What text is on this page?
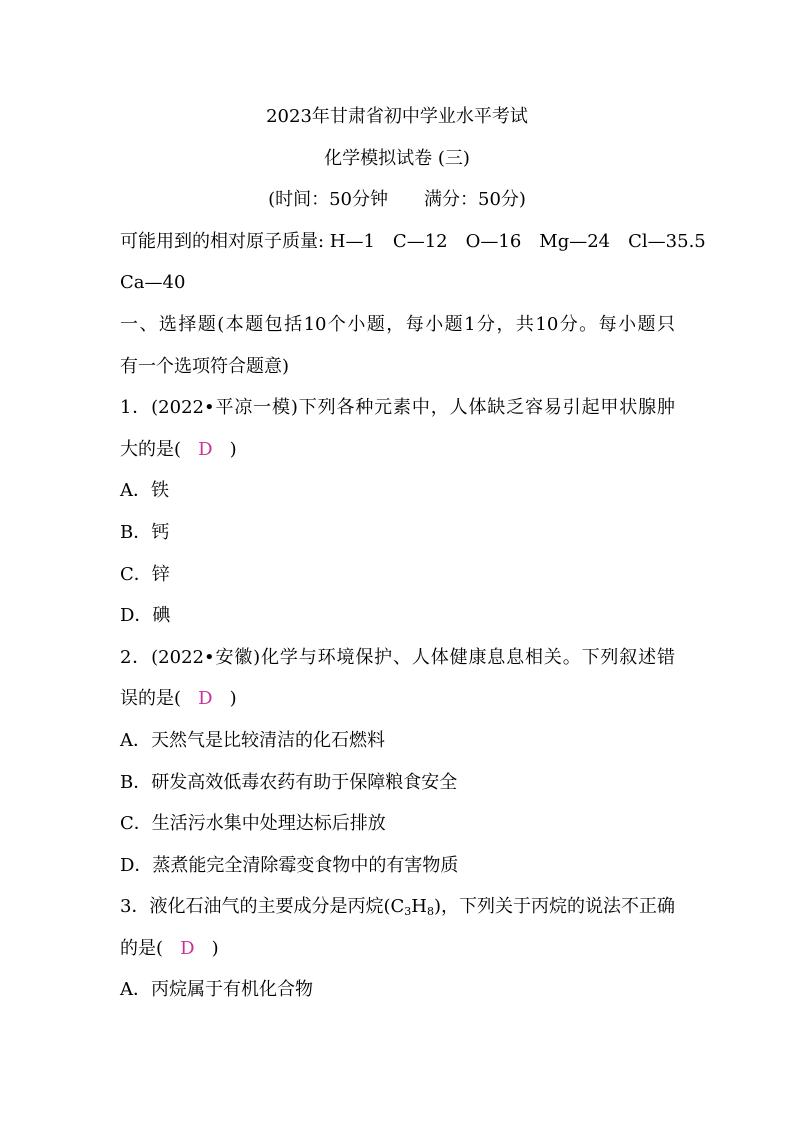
2023年甘肃省初中学业水平考试
化学模拟试卷 (三)
(时间：50分钟　　满分：50分)
可能用到的相对原子质量: H—1　C—12　O—16　Mg—24　Cl—35.5
Ca—40
一、选择题(本题包括10个小题，每小题1分，共10分。每小题只
有一个选项符合题意)
1．(2022•平凉一模)下列各种元素中，人体缺乏容易引起甲状腺肿
大的是( D )
A．铁
B．钙
C．锌
D．碘
2．(2022•安徽)化学与环境保护、人体健康息息相关。下列叙述错
误的是( D )
A．天然气是比较清洁的化石燃料
B．研发高效低毒农药有助于保障粮食安全
C．生活污水集中处理达标后排放
D．蒸煮能完全清除霉变食物中的有害物质
3．液化石油气的主要成分是丙烷$(C_3H_8)$，下列关于丙烷的说法不正确
的是( D )
A．丙烷属于有机化合物
